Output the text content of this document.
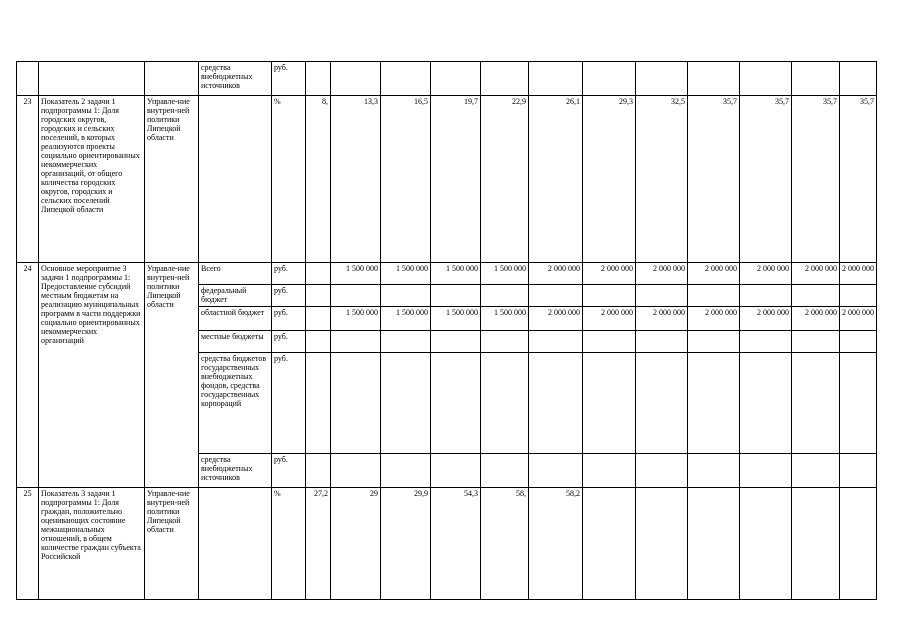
			средства внебюджетных источников	руб.												
23	Показатель 2 задачи 1 подпрограммы 1: Доля городских округов, городских и сельских поселений, в которых реализуются проекты социально ориентированных некоммерческих организаций, от общего количества городских округов, городских и сельских поселений Липецкой области	Управле-ние внутрен-ней политики Липецкой области		%	8,	13,3	16,5	19,7	22,9	26,1	29,3	32,5	35,7	35,7	35,7	35,7
24	Основное мероприятие 3 задачи 1 подпрограммы 1: Предоставление субсидий местным бюджетам на реализацию муниципальных программ в части поддержки социально ориентированных некоммерческих организаций	Управле-ние внутрен-ней политики Липецкой области	Всего	руб.		1 500 000	1 500 000	1 500 000	1 500 000	2 000 000	2 000 000	2 000 000	2 000 000	2 000 000	2 000 000	2 000 000
			федеральный бюджет	руб.												
			областной бюджет	руб.		1 500 000	1 500 000	1 500 000	1 500 000	2 000 000	2 000 000	2 000 000	2 000 000	2 000 000	2 000 000	2 000 000
			местные бюджеты	руб.												
			средства бюджетов государственных внебюджетных фондов, средства государственных корпораций	руб.												
			средства внебюджетных источников	руб.												
25	Показатель 3 задачи 1 подпрограммы 1: Доля граждан, положительно оценивающих состояние межнациональных отношений, в общем количестве граждан субъекта Российской	Управле-ние внутрен-ней политики Липецкой области		%	27,2	29	29,9	54,3	58,	58,2						
